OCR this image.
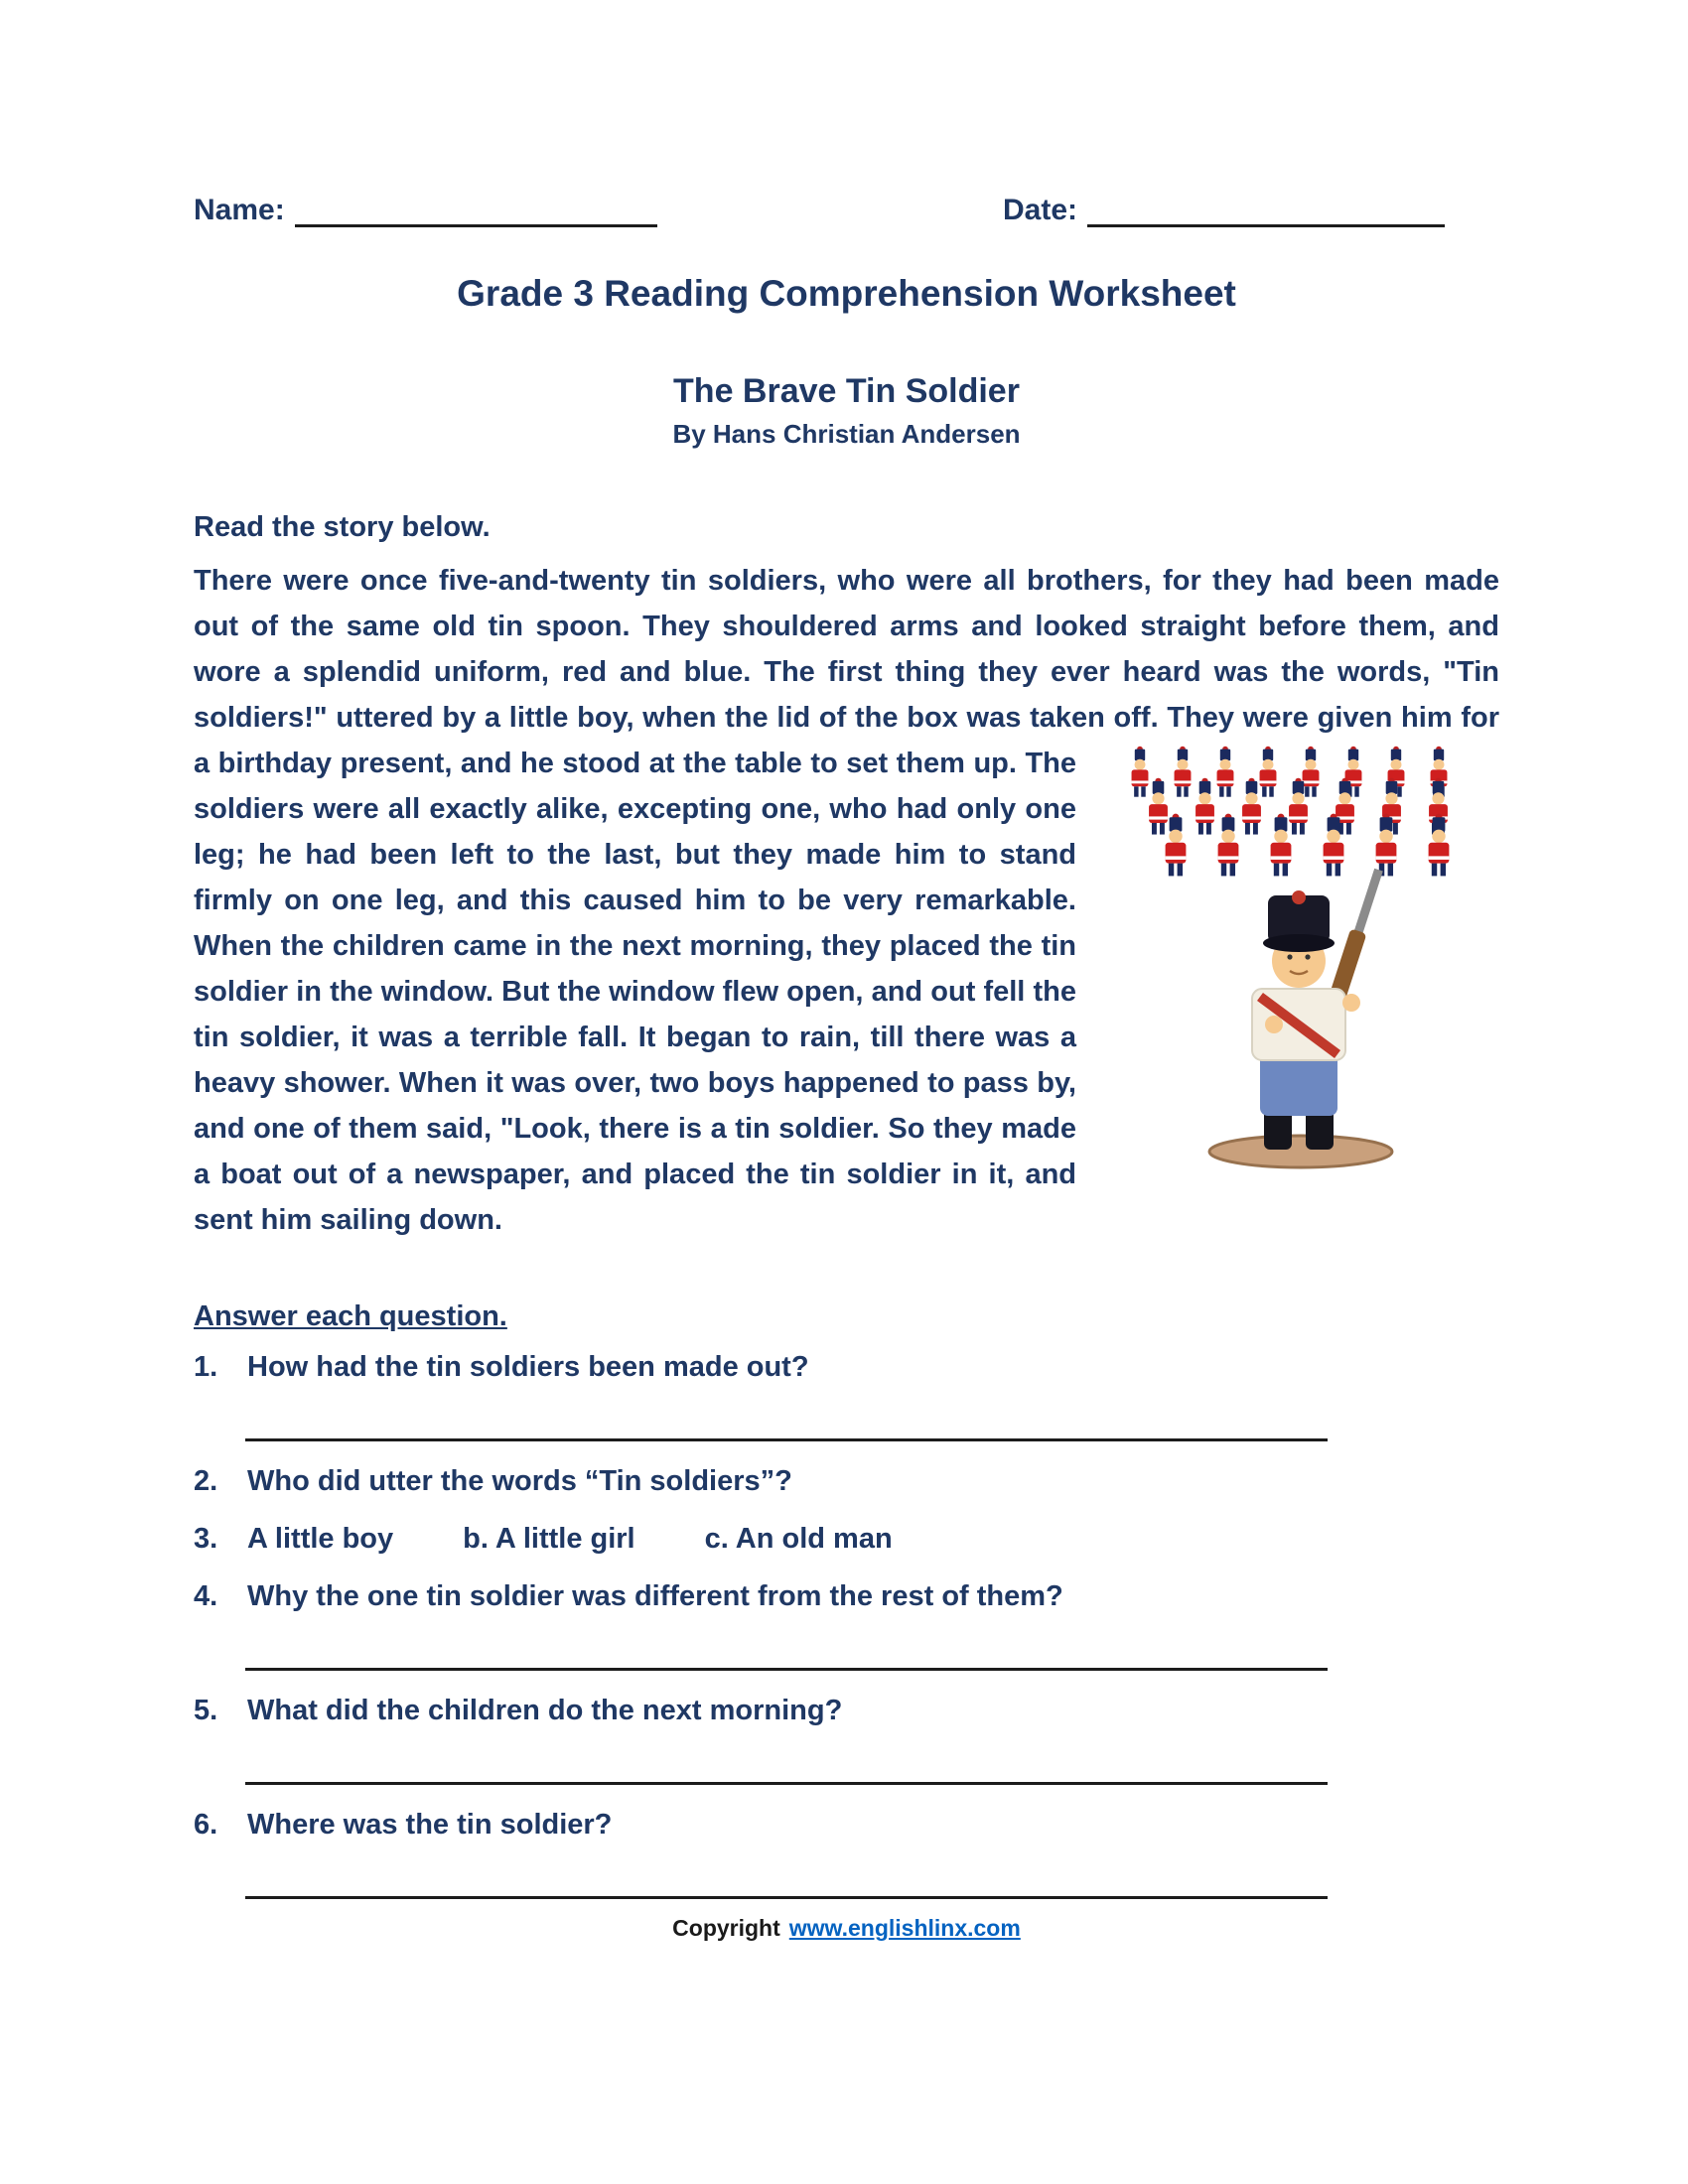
Name:	Date:
Grade 3 Reading Comprehension Worksheet
The Brave Tin Soldier
By Hans Christian Andersen
Read the story below.

There were once five-and-twenty tin soldiers, who were all brothers, for they had been made out of the same old tin spoon. They shouldered arms and looked straight before them, and wore a splendid uniform, red and blue. The first thing they ever heard was the words, "Tin soldiers!" uttered by a little boy, when the lid of the box was taken off. They were given him for a birthday present, and he stood at the table to set them up. The soldiers were all exactly alike, excepting one, who had only one leg; he had been left to the last, but they made him to stand firmly on one leg, and this caused him to be very remarkable. When the children came in the next morning, they placed the tin soldier in the window. But the window flew open, and out fell the tin soldier, it was a terrible fall. It began to rain, till there was a heavy shower. When it was over, two boys happened to pass by, and one of them said, "Look, there is a tin soldier. So they made a boat out of a newspaper, and placed the tin soldier in it, and sent him sailing down.

Answer each question.
1.	How had the tin soldiers been made out?
2.	Who did utter the words “Tin soldiers”?
3.	A little boy b. A little girl c. An old man
4.	Why the one tin soldier was different from the rest of them?
5.	What did the children do the next morning?
6.	Where was the tin soldier?
Copyright www.englishlinx.com
